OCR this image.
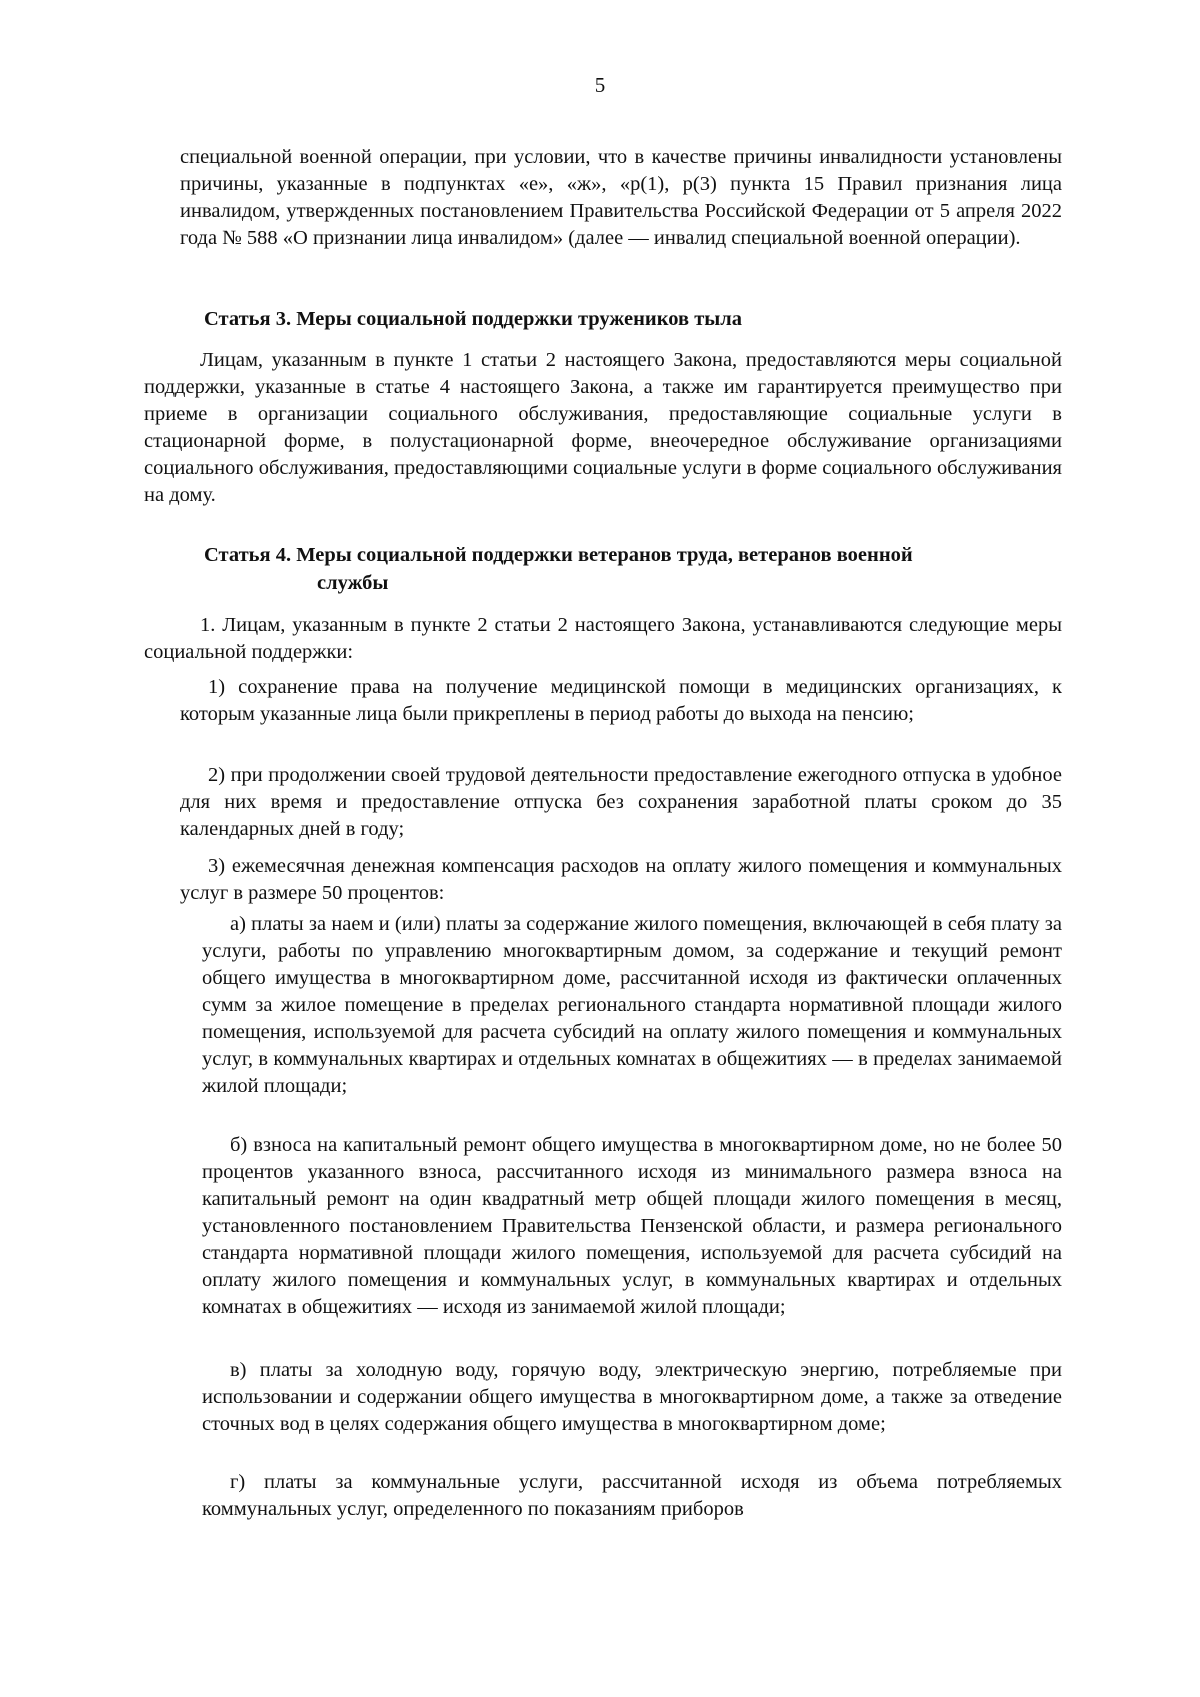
5

специальной военной операции, при условии, что в качестве причины инвалидности установлены причины, указанные в подпунктах «е», «ж», «р(1), р(3) пункта 15 Правил признания лица инвалидом, утвержденных постановлением Правительства Российской Федерации от 5 апреля 2022 года № 588 «О признании лица инвалидом» (далее — инвалид специальной военной операции).

Статья 3. Меры социальной поддержки тружеников тыла

Лицам, указанным в пункте 1 статьи 2 настоящего Закона, предоставляются меры социальной поддержки, указанные в статье 4 настоящего Закона, а также им гарантируется преимущество при приеме в организации социального обслуживания, предоставляющие социальные услуги в стационарной форме, в полустационарной форме, внеочередное обслуживание организациями социального обслуживания, предоставляющими социальные услуги в форме социального обслуживания на дому.

Статья 4. Меры социальной поддержки ветеранов труда, ветеранов военной
службы

1. Лицам, указанным в пункте 2 статьи 2 настоящего Закона, устанавливаются следующие меры социальной поддержки:

1) сохранение права на получение медицинской помощи в медицинских организациях, к которым указанные лица были прикреплены в период работы до выхода на пенсию;

2) при продолжении своей трудовой деятельности предоставление ежегодного отпуска в удобное для них время и предоставление отпуска без сохранения заработной платы сроком до 35 календарных дней в году;

3) ежемесячная денежная компенсация расходов на оплату жилого помещения и коммунальных услуг в размере 50 процентов:

а) платы за наем и (или) платы за содержание жилого помещения, включающей в себя плату за услуги, работы по управлению многоквартирным домом, за содержание и текущий ремонт общего имущества в многоквартирном доме, рассчитанной исходя из фактически оплаченных сумм за жилое помещение в пределах регионального стандарта нормативной площади жилого помещения, используемой для расчета субсидий на оплату жилого помещения и коммунальных услуг, в коммунальных квартирах и отдельных комнатах в общежитиях — в пределах занимаемой жилой площади;

б) взноса на капитальный ремонт общего имущества в многоквартирном доме, но не более 50 процентов указанного взноса, рассчитанного исходя из минимального размера взноса на капитальный ремонт на один квадратный метр общей площади жилого помещения в месяц, установленного постановлением Правительства Пензенской области, и размера регионального стандарта нормативной площади жилого помещения, используемой для расчета субсидий на оплату жилого помещения и коммунальных услуг, в коммунальных квартирах и отдельных комнатах в общежитиях — исходя из занимаемой жилой площади;

в) платы за холодную воду, горячую воду, электрическую энергию, потребляемые при использовании и содержании общего имущества в многоквартирном доме, а также за отведение сточных вод в целях содержания общего имущества в многоквартирном доме;

г) платы за коммунальные услуги, рассчитанной исходя из объема потребляемых коммунальных услуг, определенного по показаниям приборов
